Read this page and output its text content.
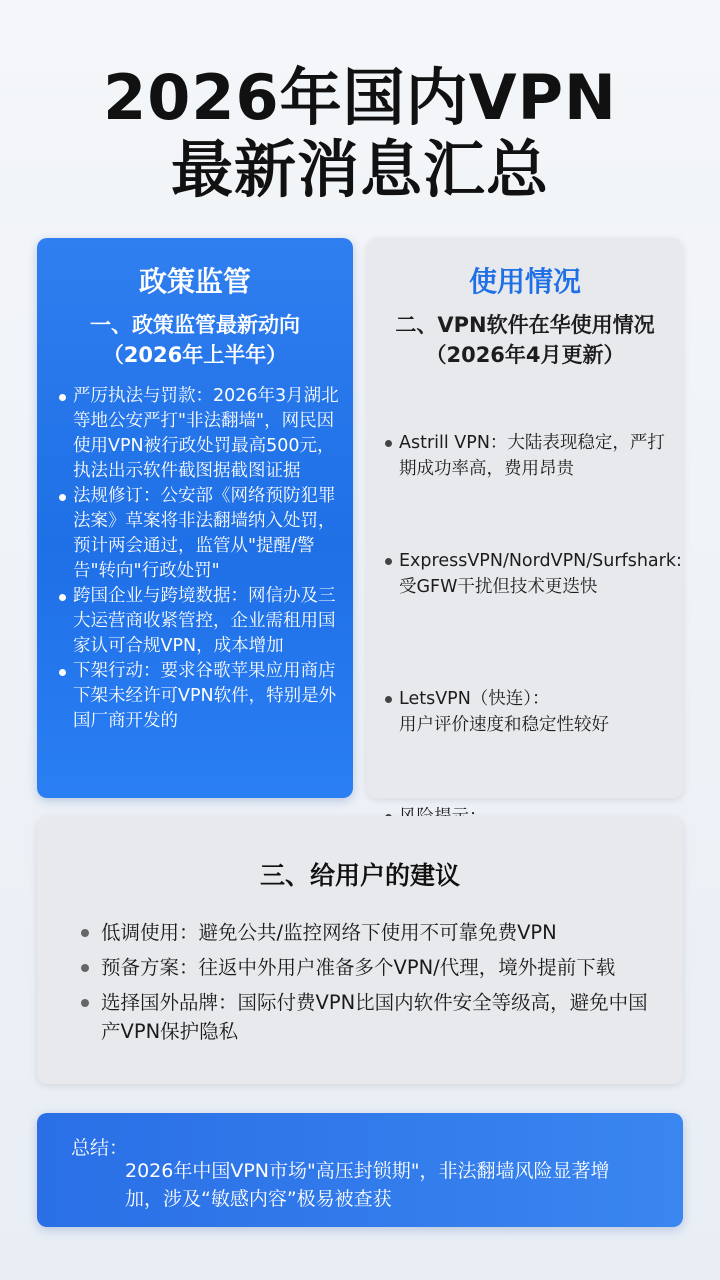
2026年国内VPN
最新消息汇总
政策监管
一、政策监管最新动向
（2026年上半年）
严厉执法与罚款：2026年3月湖北等地公安严打"非法翻墙"，网民因使用VPN被行政处罚最高500元，执法出示软件截图据截图证据
法规修订：公安部《网络预防犯罪法案》草案将非法翻墙纳入处罚，预计两会通过，监管从"提醒/警告"转向"行政处罚"
跨国企业与跨境数据：网信办及三大运营商收紧管控，企业需租用国家认可合规VPN，成本增加
下架行动：要求谷歌苹果应用商店下架未经许可VPN软件，特别是外国厂商开发的
使用情况
二、VPN软件在华使用情况
（2026年4月更新）
Astrill VPN：大陆表现稳定，严打
期成功率高，费用昂贵
ExpressVPN/NordVPN/Surfshark:
受GFW干扰但技术更迭快
LetsVPN（快连）：
用户评价速度和稳定性较好
三、给用户的建议
低调使用：避免公共/监控网络下使用不可靠免费VPN
预备方案：往返中外用户准备多个VPN/代理，境外提前下载
选择国外品牌：国际付费VPN比国内软件安全等级高，避免中国产VPN保护隐私
总结：
2026年中国VPN市场"高压封锁期"，非法翻墙风险显著增加，涉及“敏感内容”极易被查获
